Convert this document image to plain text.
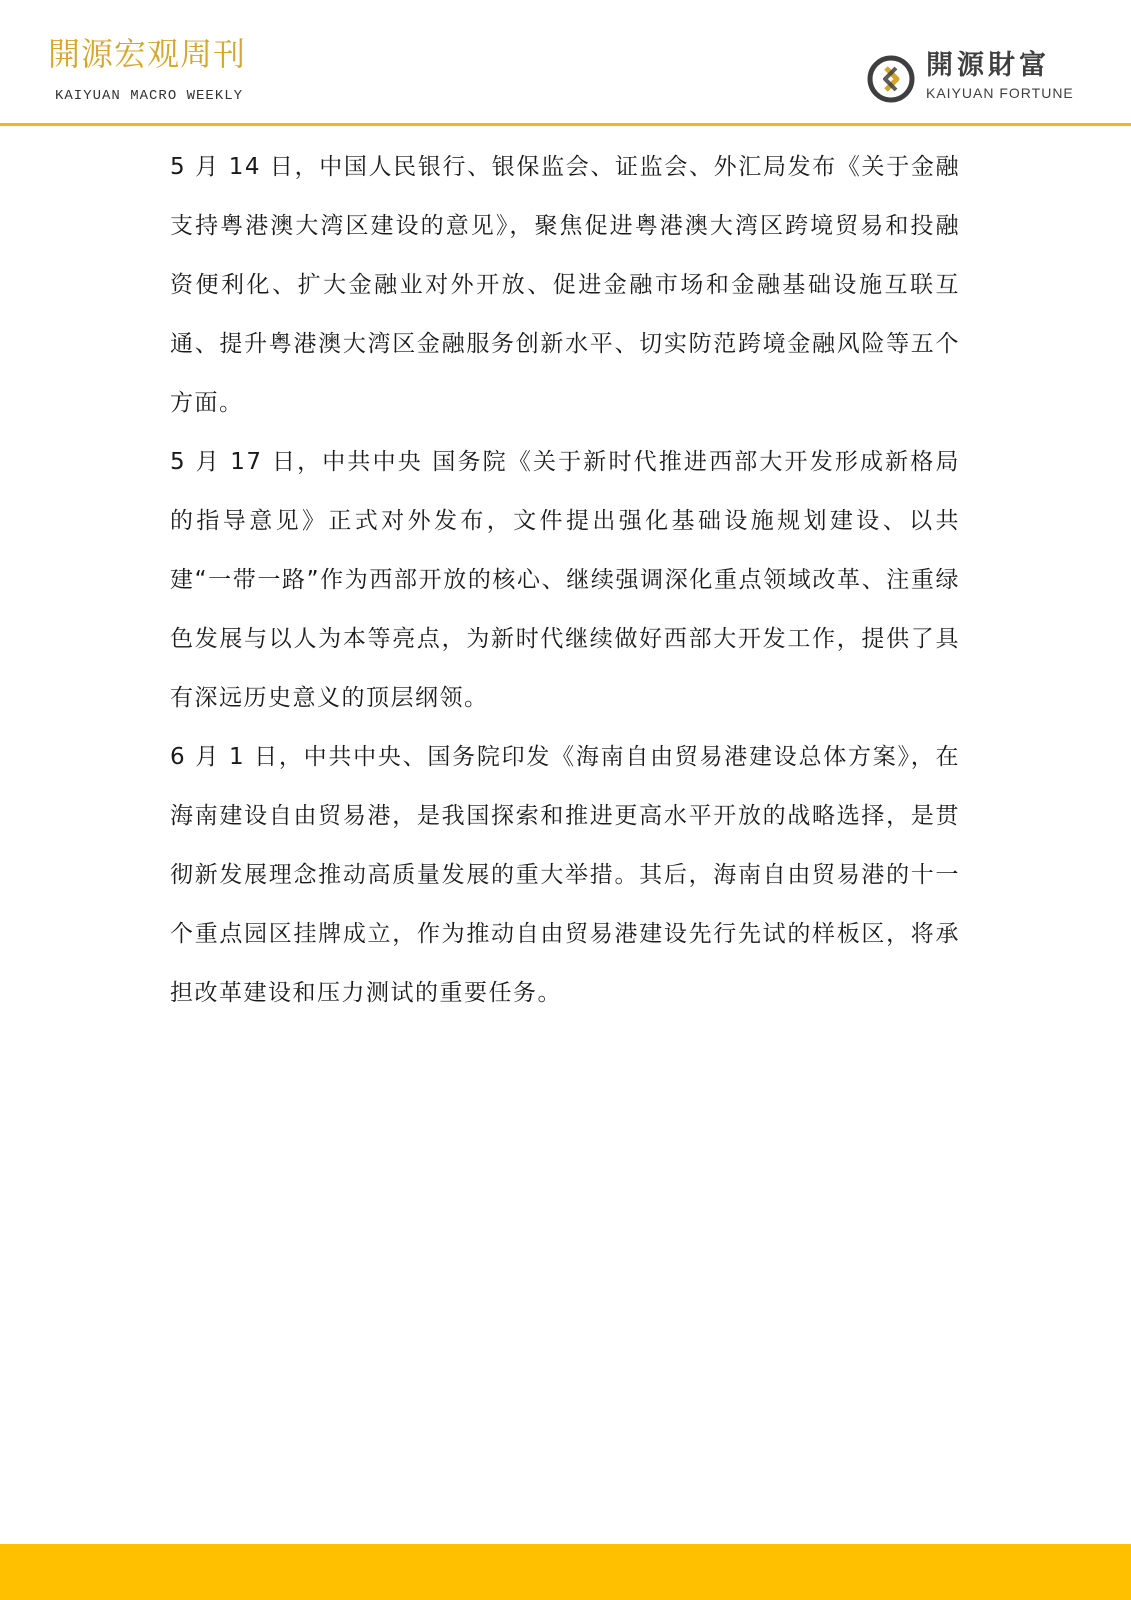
開源宏观周刊
KAIYUAN MACRO WEEKLY
開源財富
KAIYUAN FORTUNE

5 月 14 日，中国人民银行、银保监会、证监会、外汇局发布《关于金融支持粤港澳大湾区建设的意见》，聚焦促进粤港澳大湾区跨境贸易和投融资便利化、扩大金融业对外开放、促进金融市场和金融基础设施互联互通、提升粤港澳大湾区金融服务创新水平、切实防范跨境金融风险等五个方面。

5 月 17 日，中共中央 国务院《关于新时代推进西部大开发形成新格局的指导意见》正式对外发布，文件提出强化基础设施规划建设、以共建“一带一路”作为西部开放的核心、继续强调深化重点领域改革、注重绿色发展与以人为本等亮点，为新时代继续做好西部大开发工作，提供了具有深远历史意义的顶层纲领。

6 月 1 日，中共中央、国务院印发《海南自由贸易港建设总体方案》，在海南建设自由贸易港，是我国探索和推进更高水平开放的战略选择，是贯彻新发展理念推动高质量发展的重大举措。其后，海南自由贸易港的十一个重点园区挂牌成立，作为推动自由贸易港建设先行先试的样板区，将承担改革建设和压力测试的重要任务。
